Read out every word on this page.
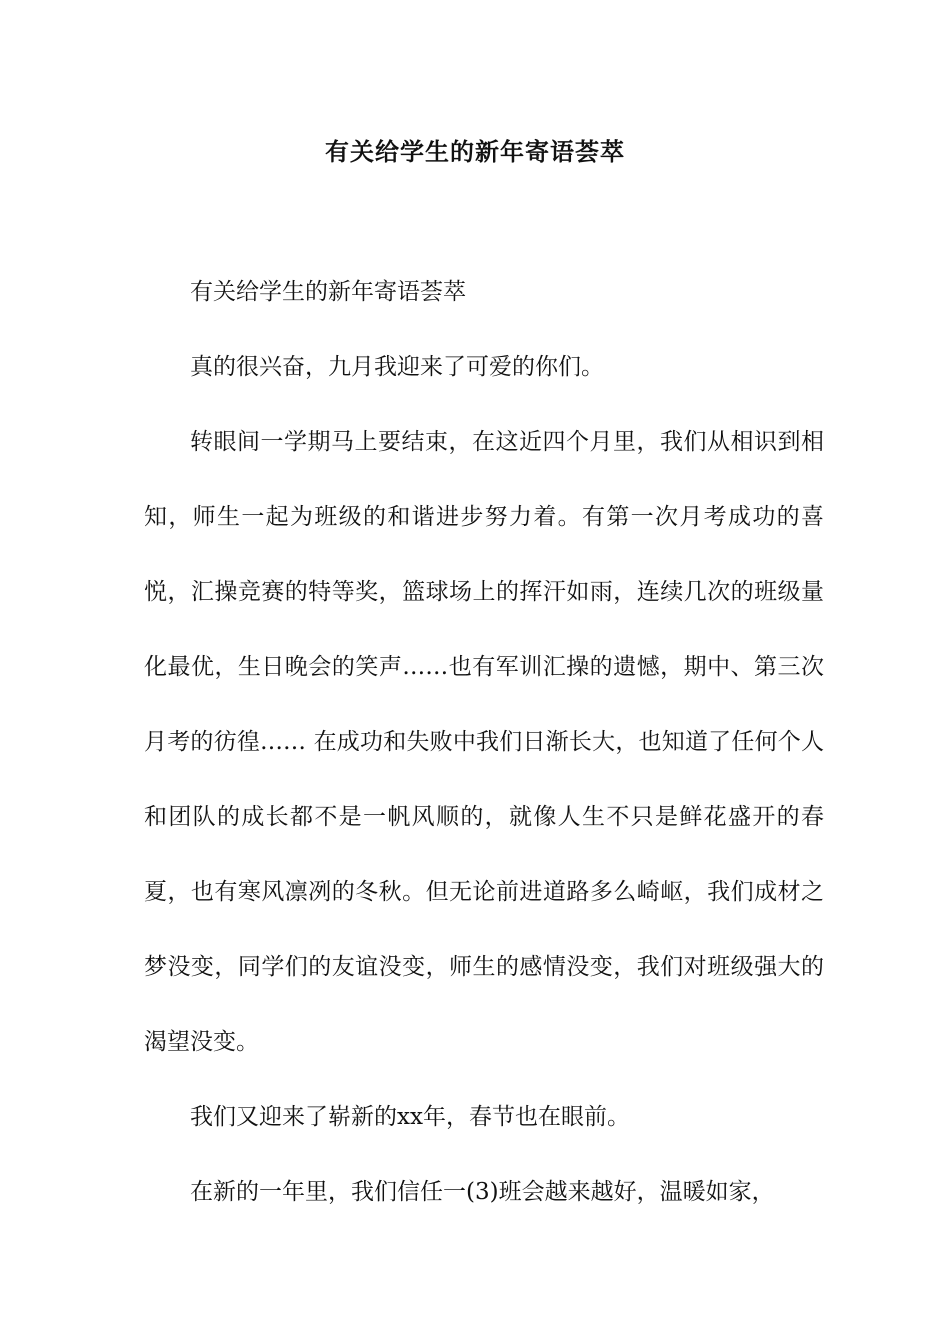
有关给学生的新年寄语荟萃

有关给学生的新年寄语荟萃

真的很兴奋，九月我迎来了可爱的你们。

转眼间一学期马上要结束，在这近四个月里，我们从相识到相知，师生一起为班级的和谐进步努力着。有第一次月考成功的喜悦，汇操竞赛的特等奖，篮球场上的挥汗如雨，连续几次的班级量化最优，生日晚会的笑声……也有军训汇操的遗憾，期中、第三次月考的彷徨…… 在成功和失败中我们日渐长大，也知道了任何个人和团队的成长都不是一帆风顺的，就像人生不只是鲜花盛开的春夏，也有寒风凛冽的冬秋。但无论前进道路多么崎岖，我们成材之梦没变，同学们的友谊没变，师生的感情没变，我们对班级强大的渴望没变。

我们又迎来了崭新的xx年，春节也在眼前。

在新的一年里，我们信任一(3)班会越来越好，温暖如家，
